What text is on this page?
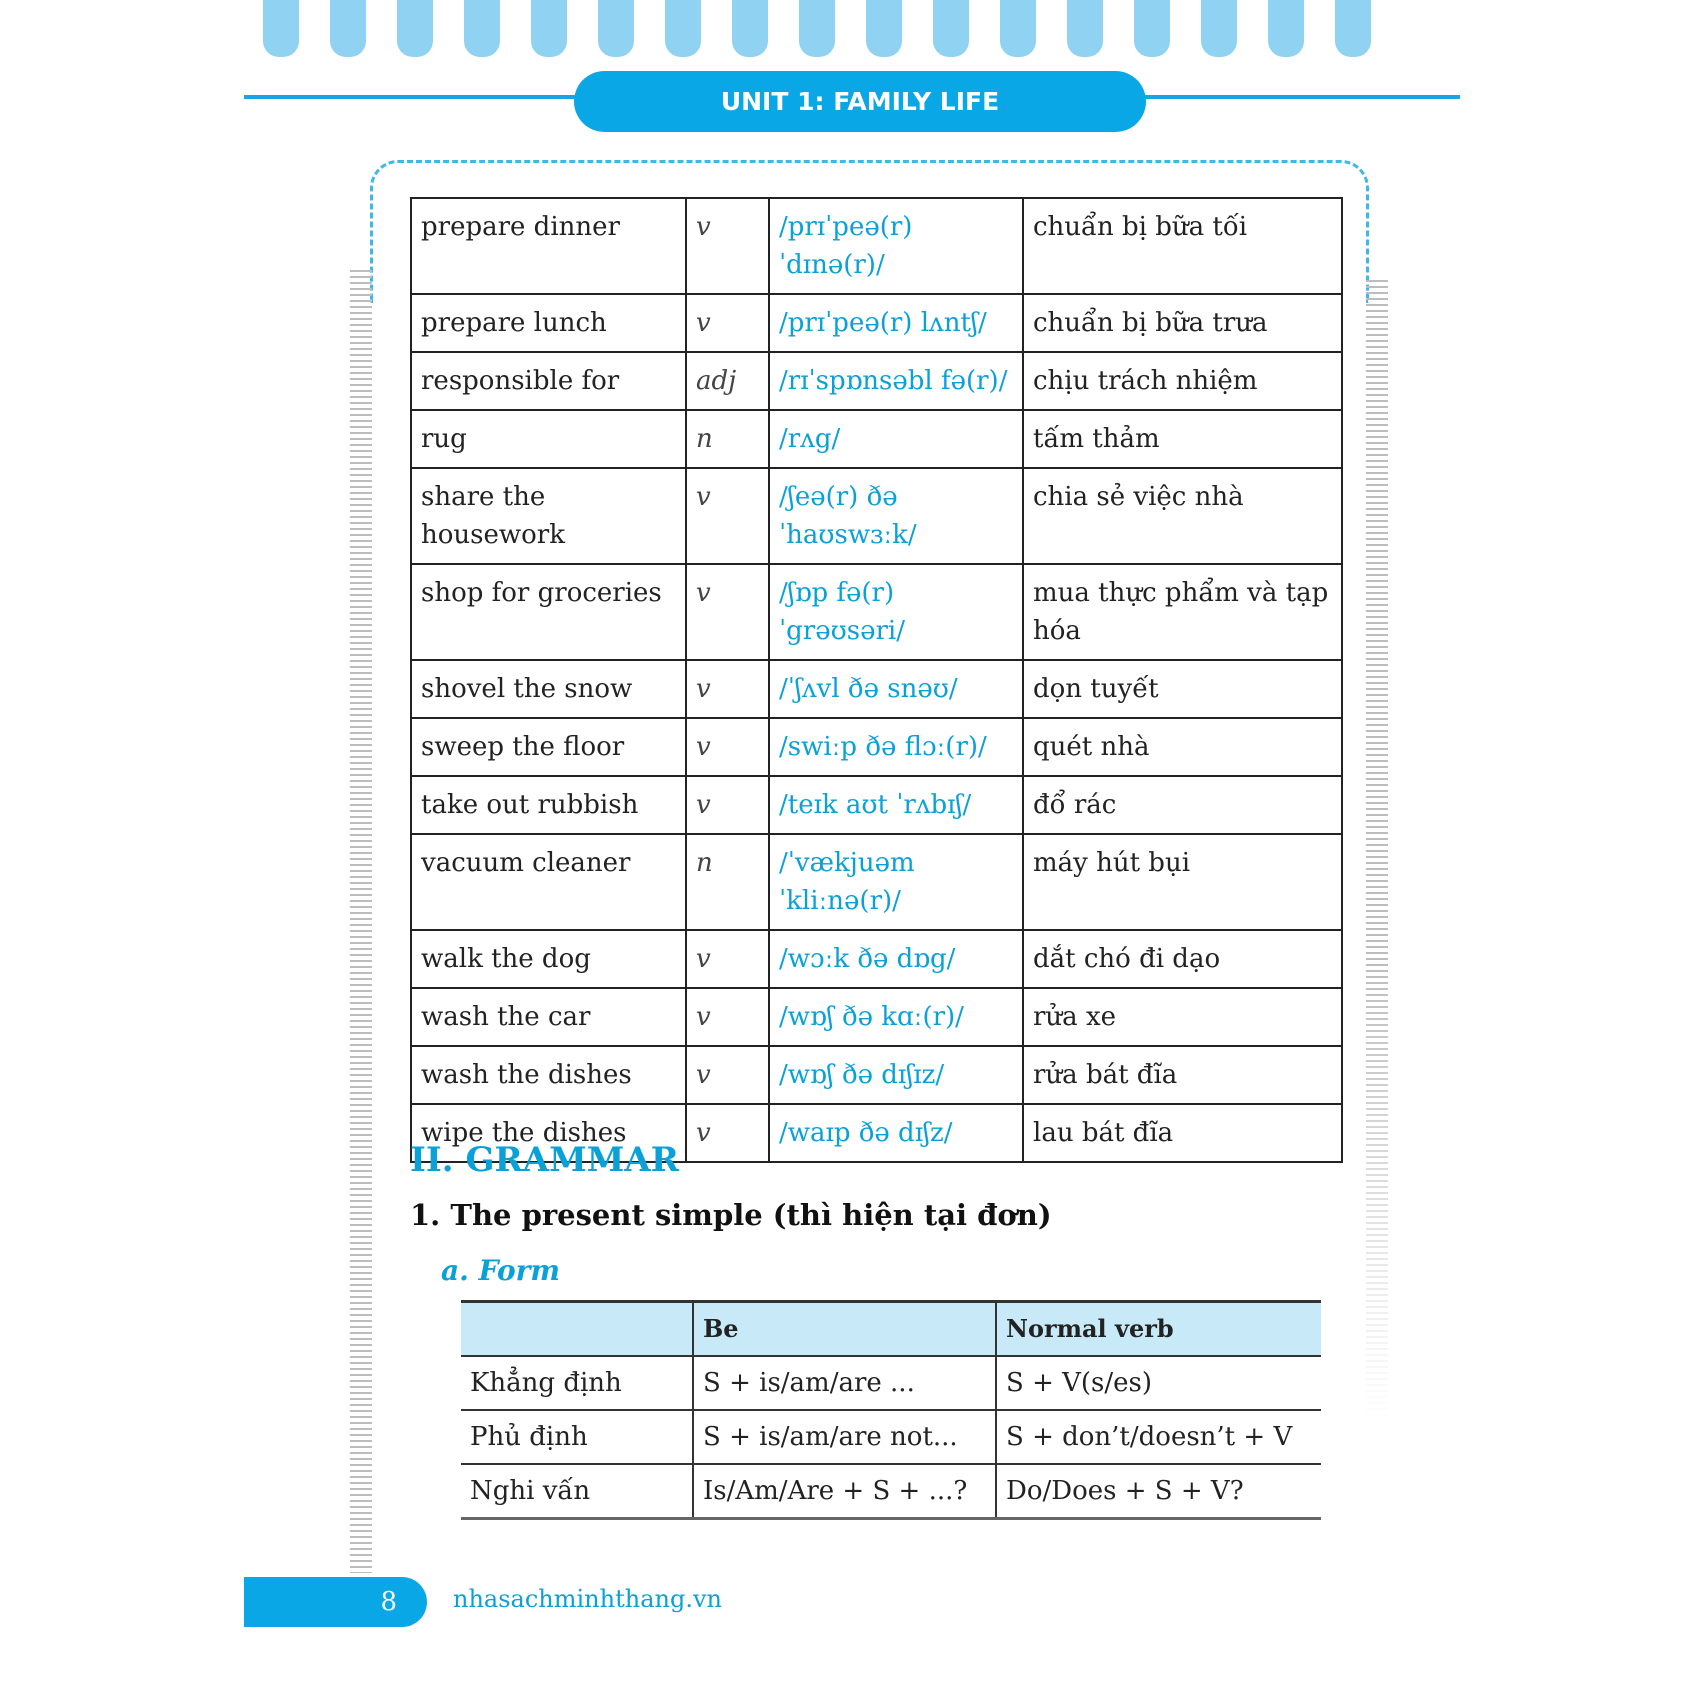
UNIT 1: FAMILY LIFE
prepare dinner	v	/prɪˈpeə(r) ˈdɪnə(r)/	chuẩn bị bữa tối
prepare lunch	v	/prɪˈpeə(r) lʌntʃ/	chuẩn bị bữa trưa
responsible for	adj	/rɪˈspɒnsəbl fə(r)/	chịu trách nhiệm
rug	n	/rʌg/	tấm thảm
share the housework	v	/ʃeə(r) ðə ˈhaʊswɜːk/	chia sẻ việc nhà
shop for groceries	v	/ʃɒp fə(r) ˈgrəʊsəri/	mua thực phẩm và tạp hóa
shovel the snow	v	/ˈʃʌvl ðə snəʊ/	dọn tuyết
sweep the floor	v	/swiːp ðə flɔː(r)/	quét nhà
take out rubbish	v	/teɪk aʊt ˈrʌbɪʃ/	đổ rác
vacuum cleaner	n	/ˈvækjuəm ˈkliːnə(r)/	máy hút bụi
walk the dog	v	/wɔːk ðə dɒg/	dắt chó đi dạo
wash the car	v	/wɒʃ ðə kɑː(r)/	rửa xe
wash the dishes	v	/wɒʃ ðə dɪʃɪz/	rửa bát đĩa
wipe the dishes	v	/waɪp ðə dɪʃz/	lau bát đĩa
II. GRAMMAR
1. The present simple (thì hiện tại đơn)
a. Form
	Be	Normal verb
Khẳng định	S + is/am/are ...	S + V(s/es)
Phủ định	S + is/am/are not...	S + don’t/doesn’t + V
Nghi vấn	Is/Am/Are + S + ...?	Do/Does + S + V?
8	nhasachminhthang.vn
